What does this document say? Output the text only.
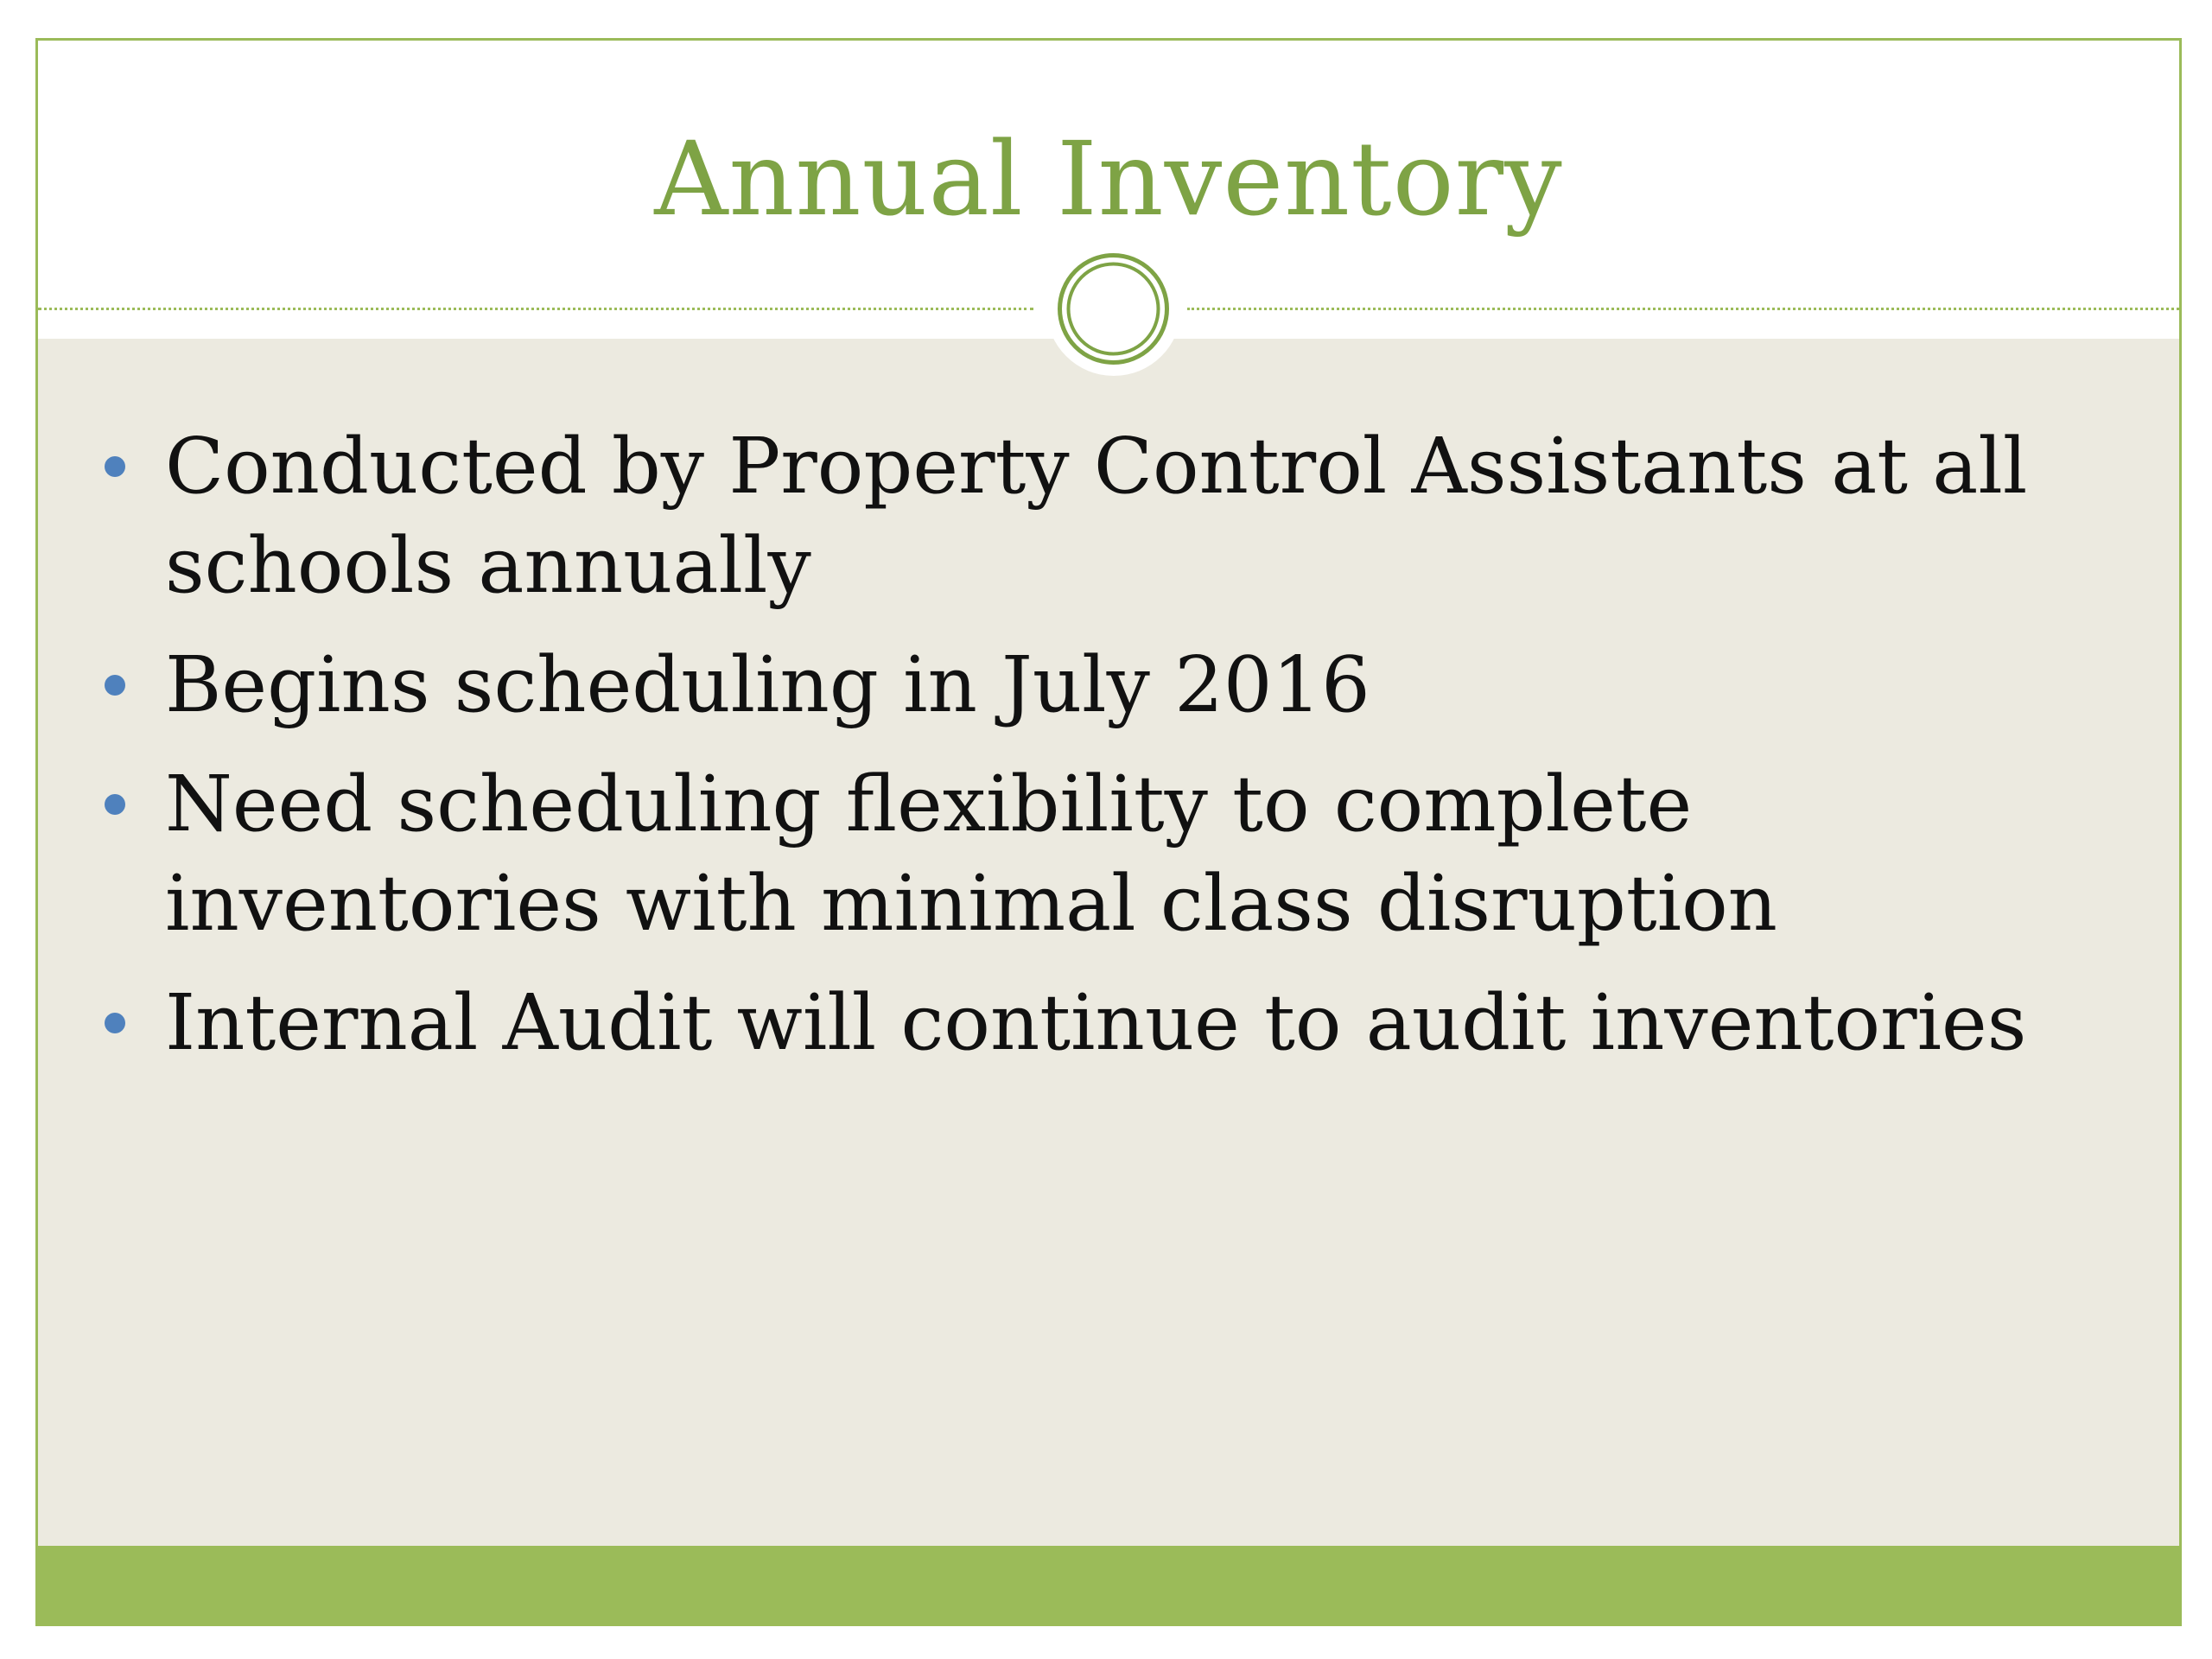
Annual Inventory
Conducted by Property Control Assistants at all schools annually
Begins scheduling in July 2016
Need scheduling flexibility to complete inventories with minimal class disruption
Internal Audit will continue to audit inventories
